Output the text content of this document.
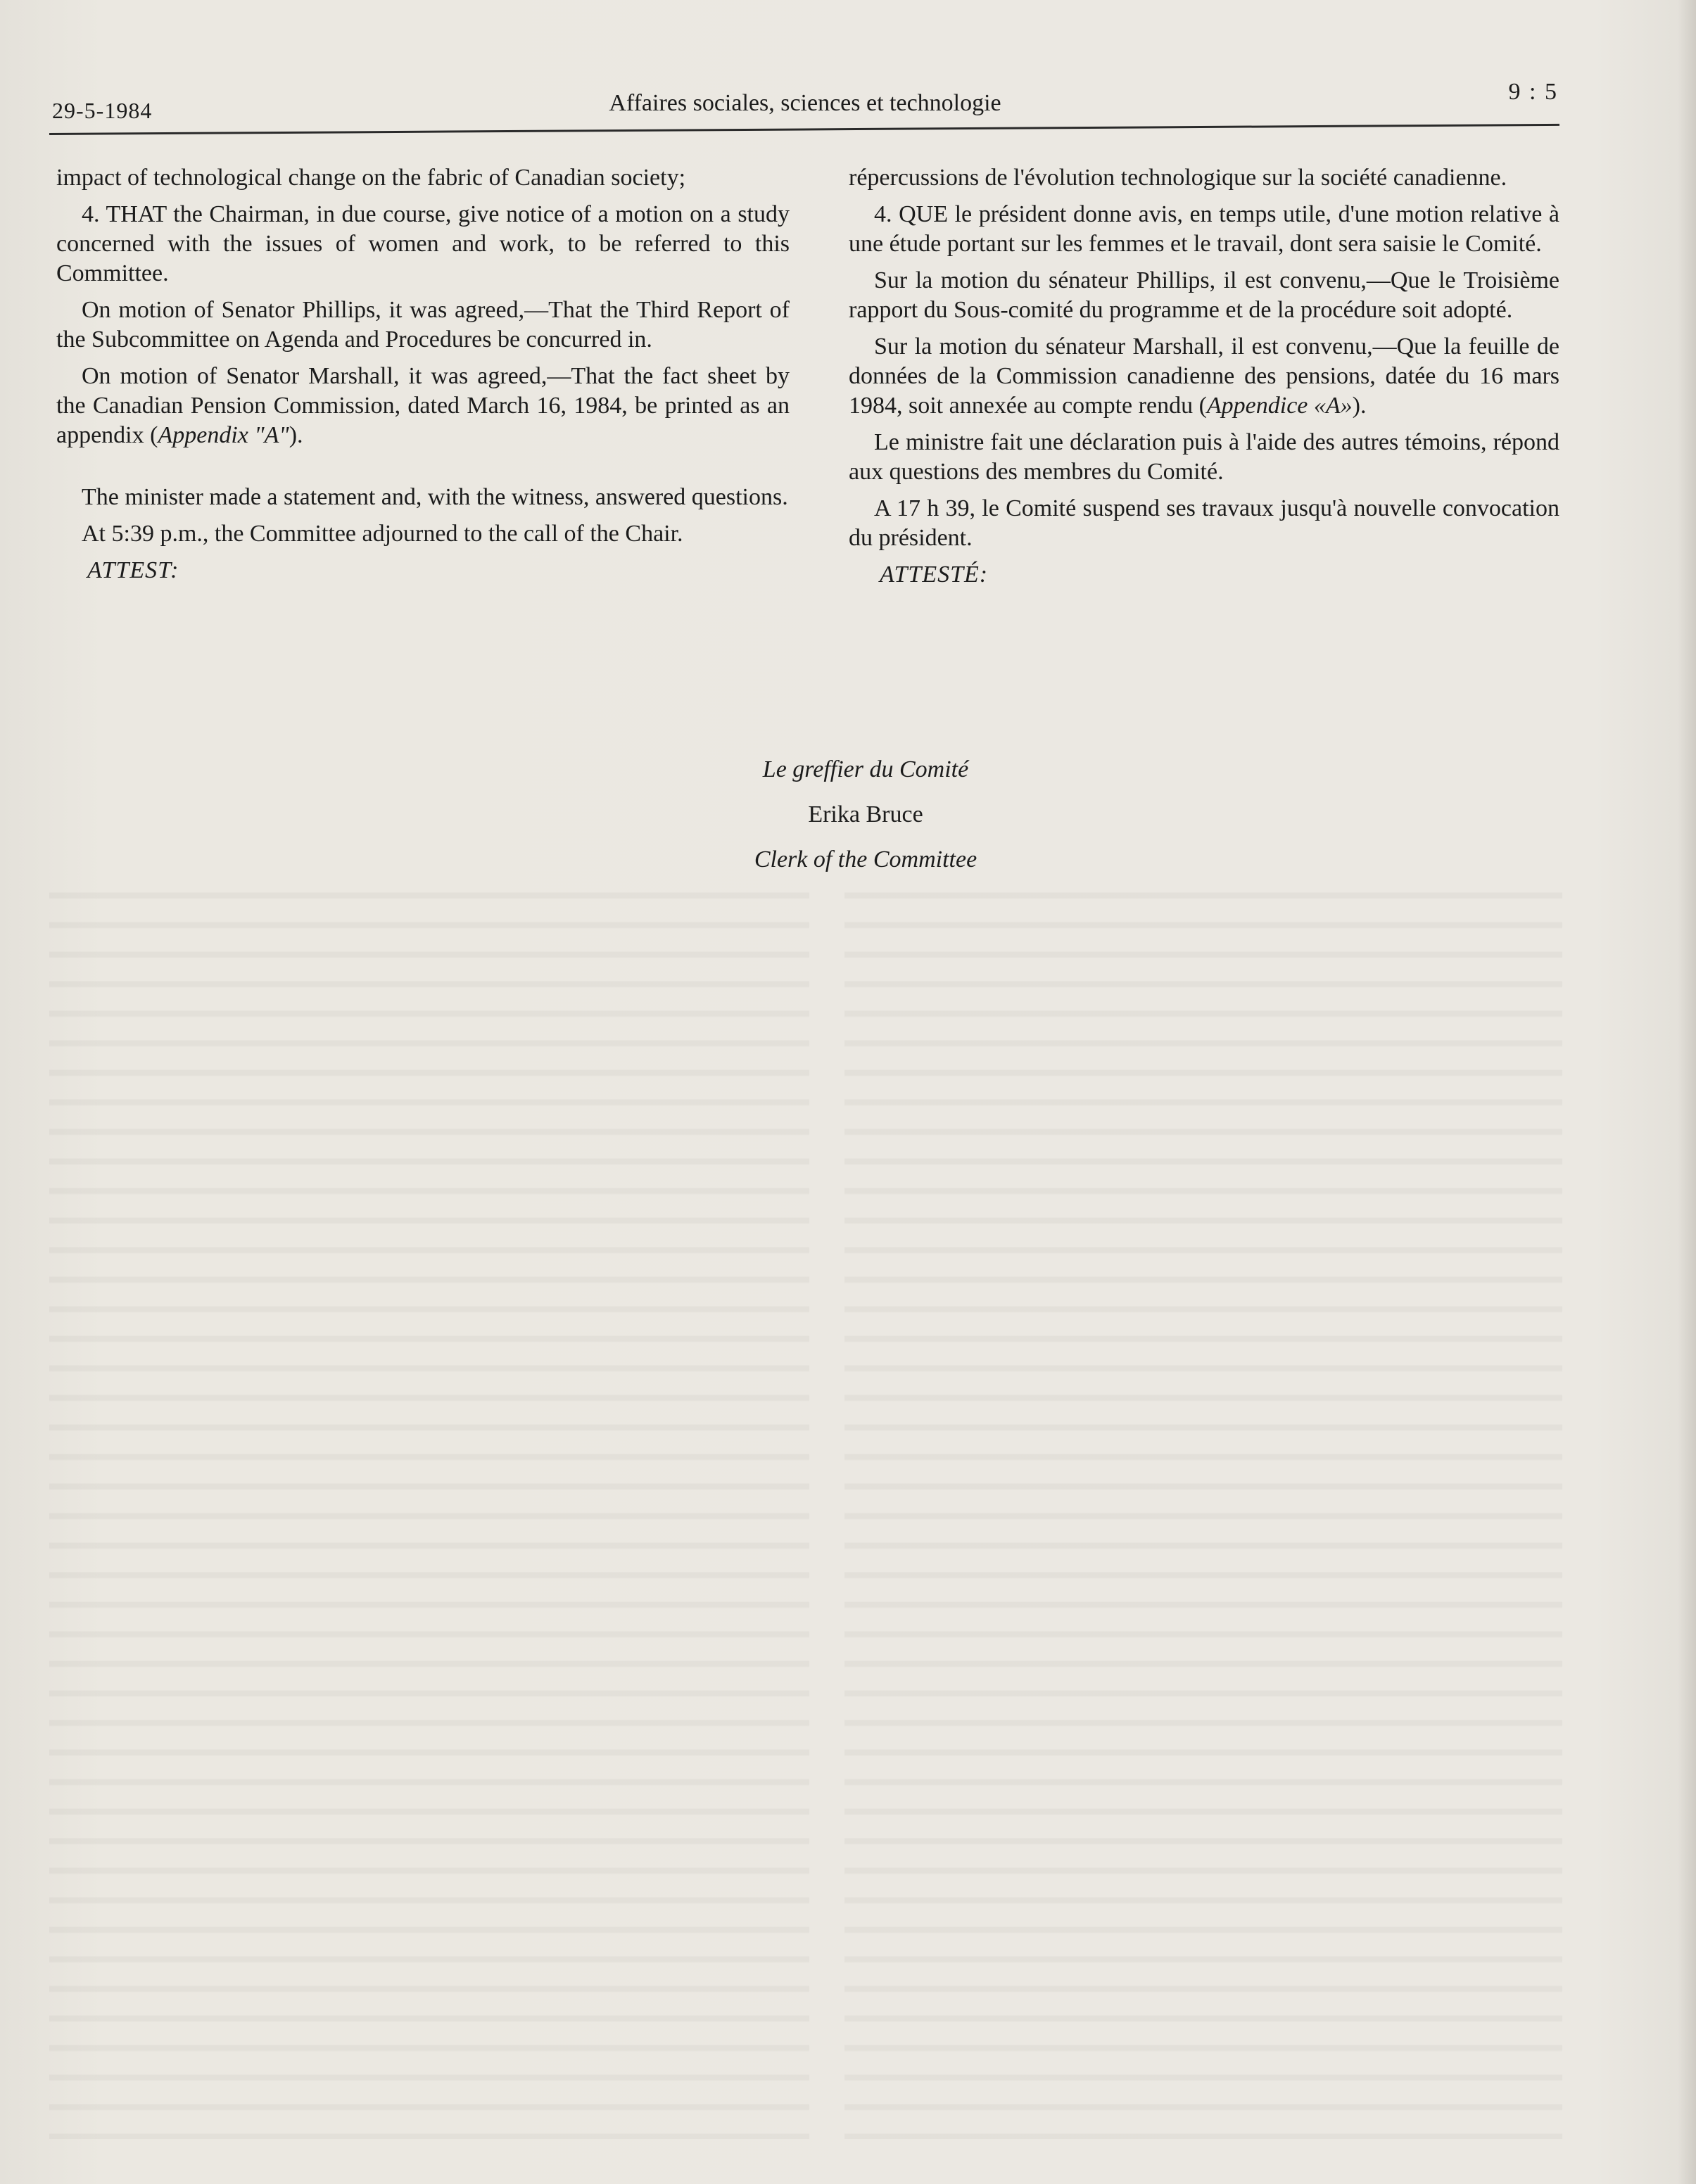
29-5-1984	Affaires sociales, sciences et technologie	9 : 5

impact of technological change on the fabric of Canadian society;

4. THAT the Chairman, in due course, give notice of a motion on a study concerned with the issues of women and work, to be referred to this Committee.

On motion of Senator Phillips, it was agreed,—That the Third Report of the Subcommittee on Agenda and Procedures be concurred in.

On motion of Senator Marshall, it was agreed,—That the fact sheet by the Canadian Pension Commission, dated March 16, 1984, be printed as an appendix (Appendix "A").

The minister made a statement and, with the witness, answered questions.

At 5:39 p.m., the Committee adjourned to the call of the Chair.

ATTEST:

répercussions de l'évolution technologique sur la société canadienne.

4. QUE le président donne avis, en temps utile, d'une motion relative à une étude portant sur les femmes et le travail, dont sera saisie le Comité.

Sur la motion du sénateur Phillips, il est convenu,—Que le Troisième rapport du Sous-comité du programme et de la procédure soit adopté.

Sur la motion du sénateur Marshall, il est convenu,—Que la feuille de données de la Commission canadienne des pensions, datée du 16 mars 1984, soit annexée au compte rendu (Appendice «A»).

Le ministre fait une déclaration puis à l'aide des autres témoins, répond aux questions des membres du Comité.

A 17 h 39, le Comité suspend ses travaux jusqu'à nouvelle convocation du président.

ATTESTÉ:

Le greffier du Comité
Erika Bruce
Clerk of the Committee
